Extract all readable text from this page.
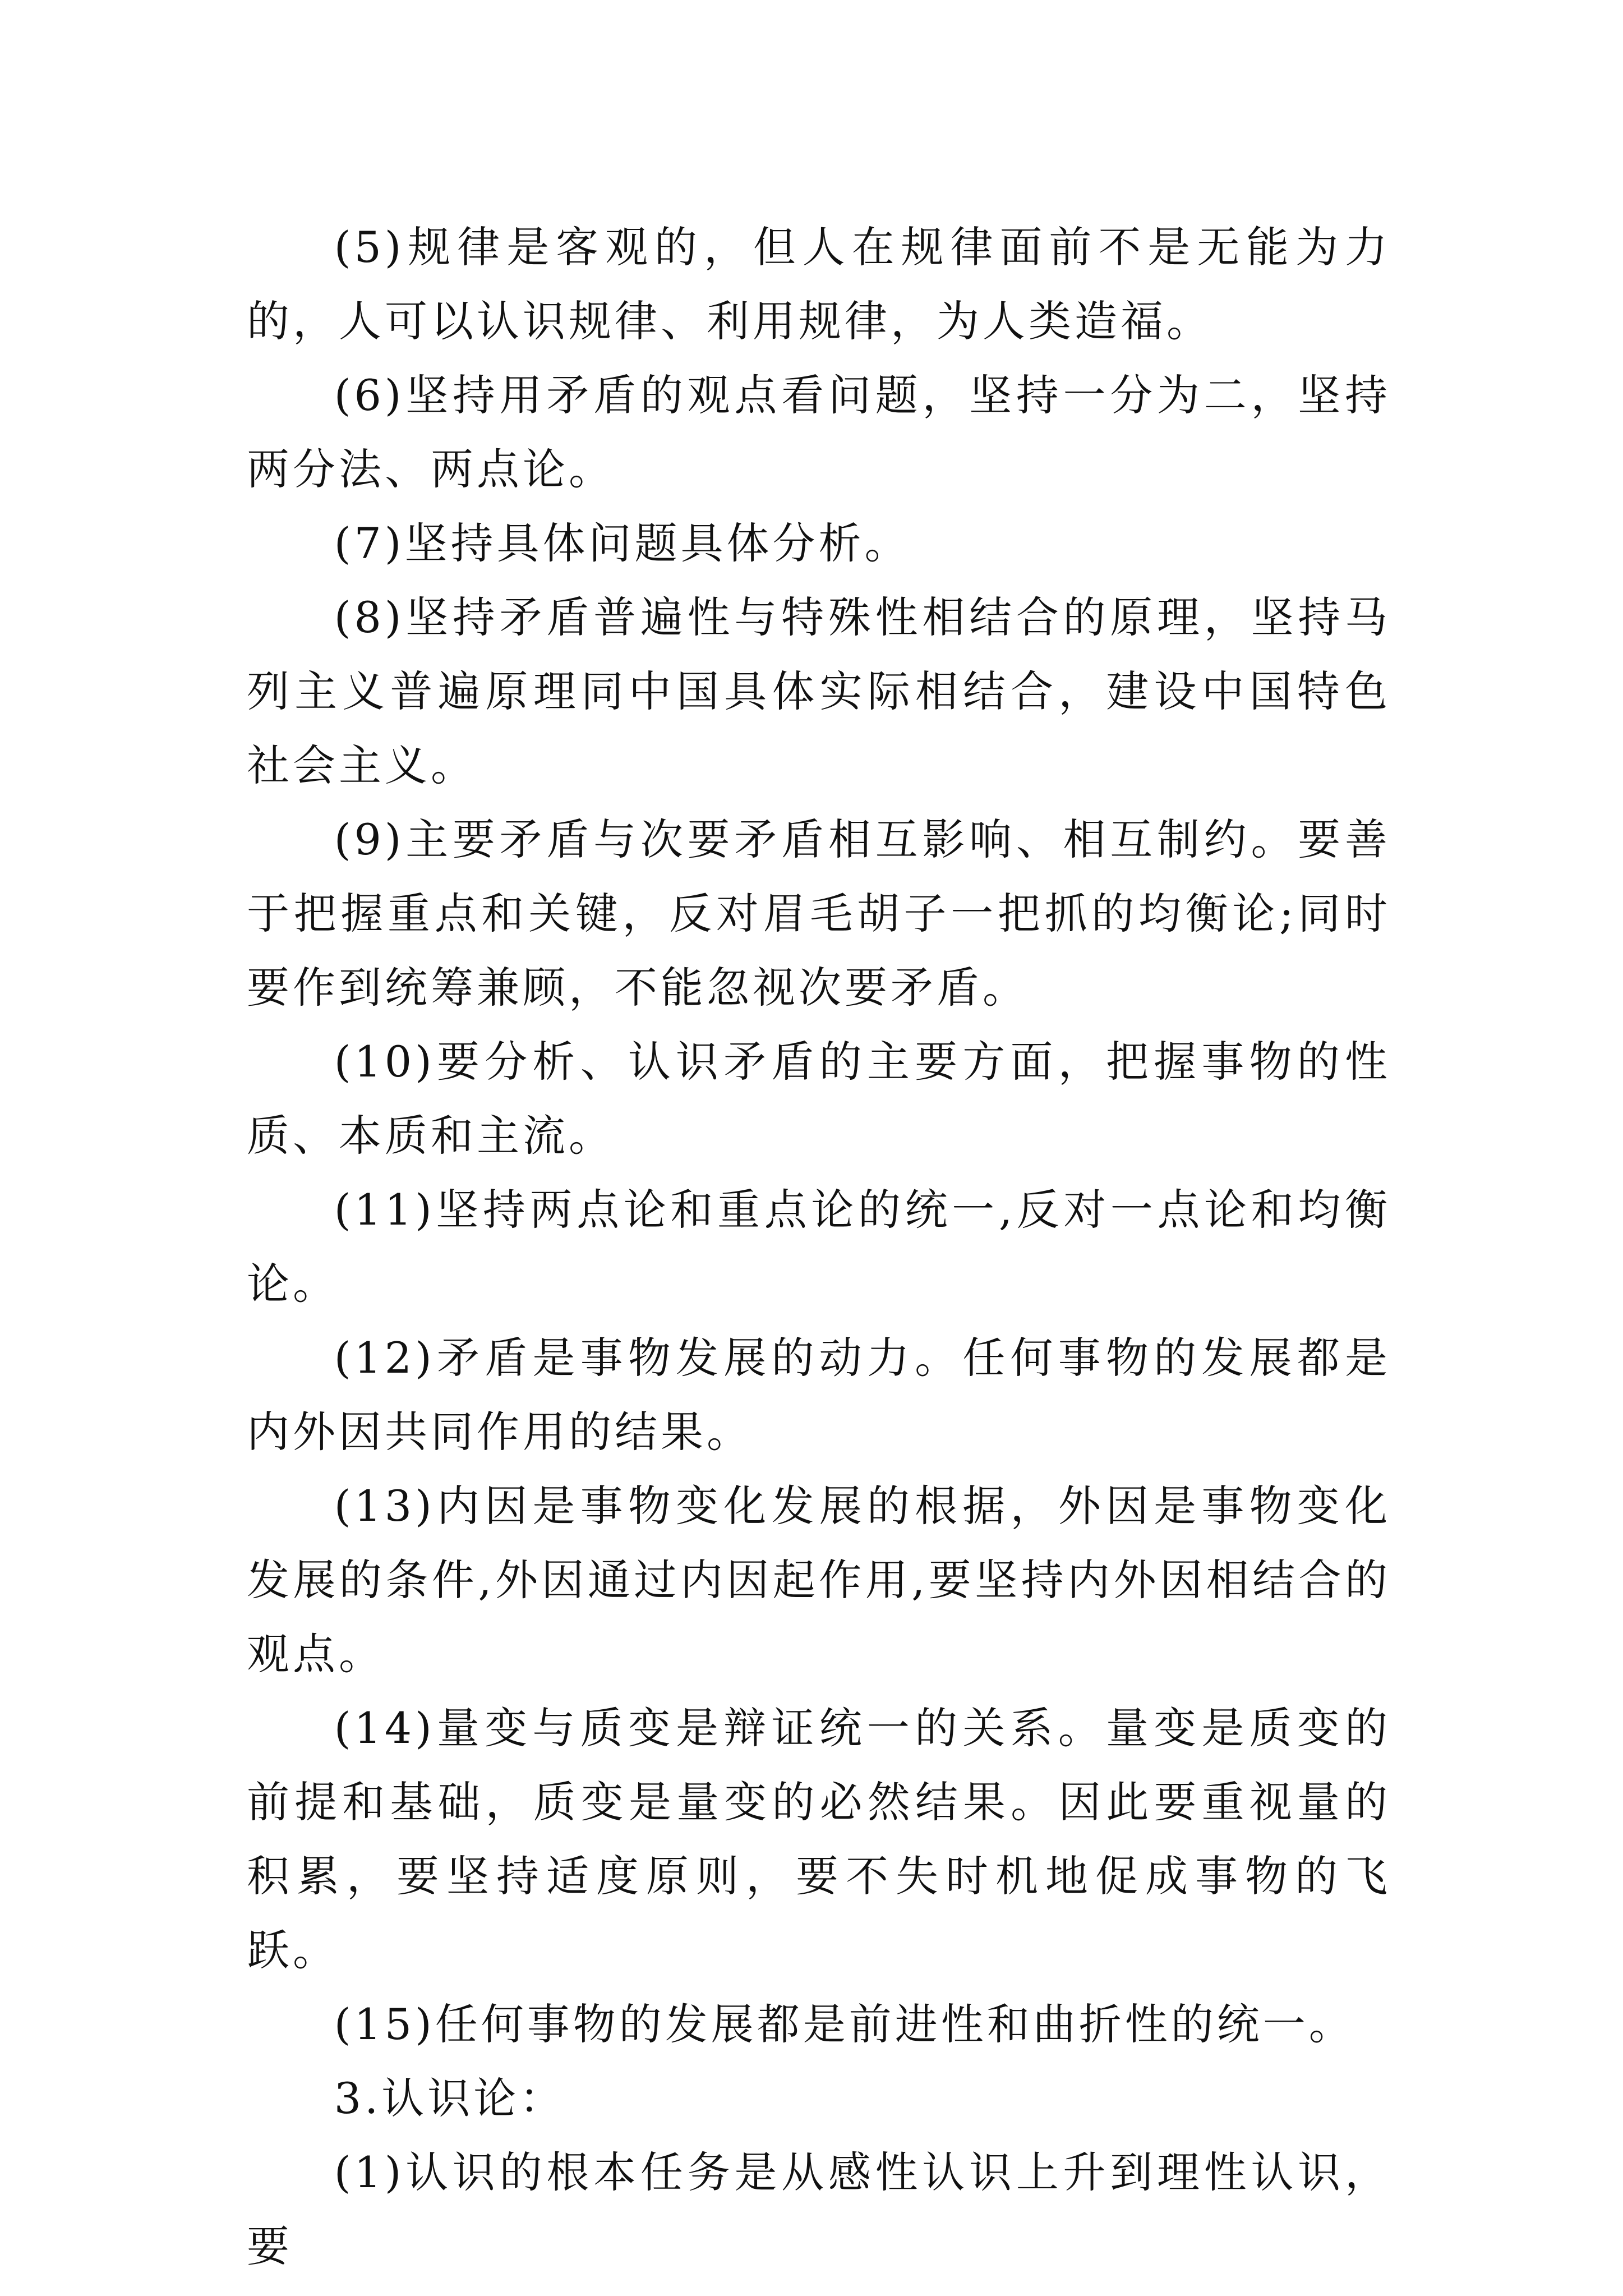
(5)规律是客观的，但人在规律面前不是无能为力的，人可以认识规律、利用规律，为人类造福。

(6)坚持用矛盾的观点看问题，坚持一分为二，坚持两分法、两点论。

(7)坚持具体问题具体分析。

(8)坚持矛盾普遍性与特殊性相结合的原理，坚持马列主义普遍原理同中国具体实际相结合，建设中国特色社会主义。

(9)主要矛盾与次要矛盾相互影响、相互制约。要善于把握重点和关键，反对眉毛胡子一把抓的均衡论;同时要作到统筹兼顾，不能忽视次要矛盾。

(10)要分析、认识矛盾的主要方面，把握事物的性质、本质和主流。

(11)坚持两点论和重点论的统一,反对一点论和均衡论。

(12)矛盾是事物发展的动力。任何事物的发展都是内外因共同作用的结果。

(13)内因是事物变化发展的根据，外因是事物变化发展的条件,外因通过内因起作用,要坚持内外因相结合的观点。

(14)量变与质变是辩证统一的关系。量变是质变的前提和基础，质变是量变的必然结果。因此要重视量的积累，要坚持适度原则，要不失时机地促成事物的飞跃。

(15)任何事物的发展都是前进性和曲折性的统一。

3.认识论：

(1)认识的根本任务是从感性认识上升到理性认识，要
